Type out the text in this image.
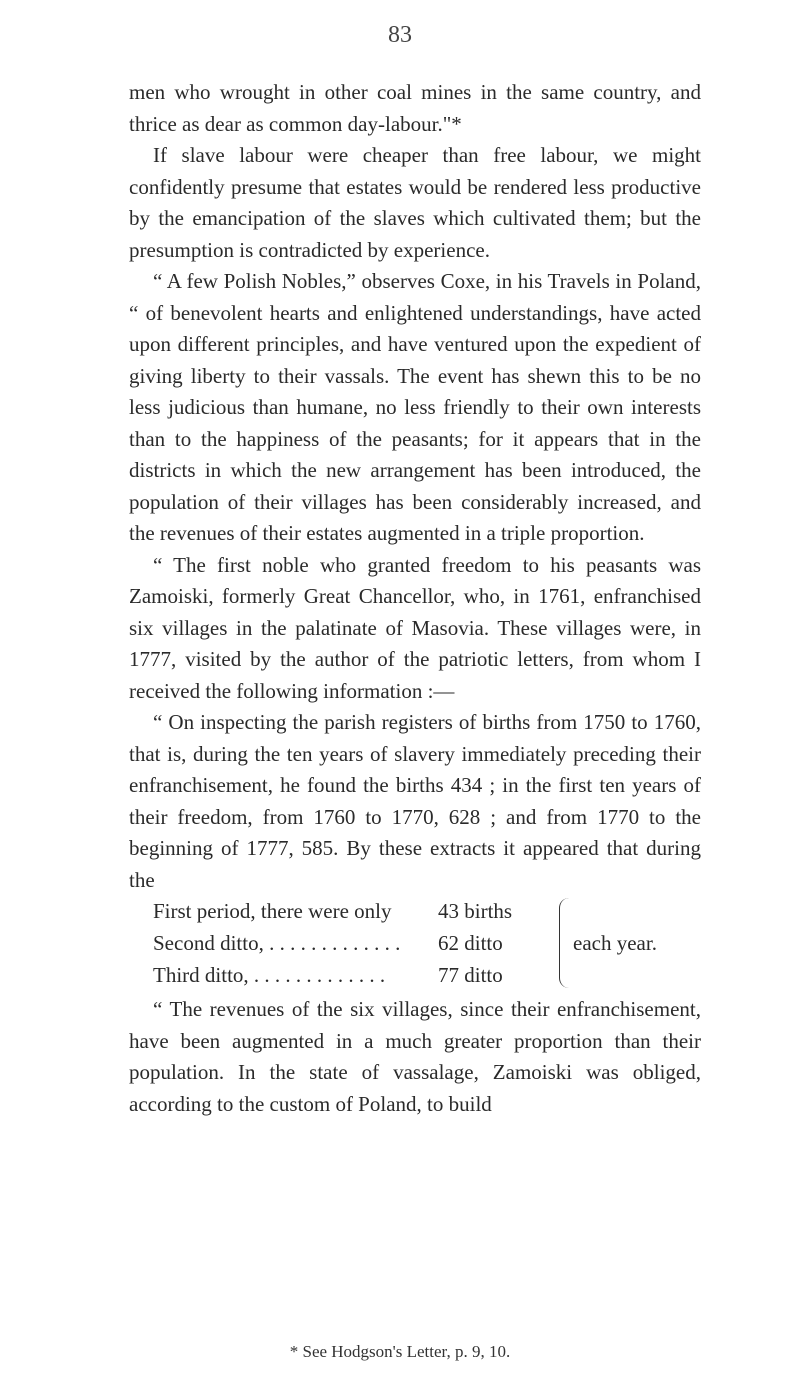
83

men who wrought in other coal mines in the same country, and thrice as dear as common day-labour."*

If slave labour were cheaper than free labour, we might confidently presume that estates would be rendered less productive by the emancipation of the slaves which cultivated them; but the presumption is contradicted by experience.

“ A few Polish Nobles,” observes Coxe, in his Travels in Poland, “ of benevolent hearts and enlightened understandings, have acted upon different principles, and have ventured upon the expedient of giving liberty to their vassals. The event has shewn this to be no less judicious than humane, no less friendly to their own interests than to the happiness of the peasants; for it appears that in the districts in which the new arrangement has been introduced, the population of their villages has been considerably increased, and the revenues of their estates augmented in a triple proportion.

“ The first noble who granted freedom to his peasants was Zamoiski, formerly Great Chancellor, who, in 1761, enfranchised six villages in the palatinate of Masovia. These villages were, in 1777, visited by the author of the patriotic letters, from whom I received the following information :—

“ On inspecting the parish registers of births from 1750 to 1760, that is, during the ten years of slavery immediately preceding their enfranchisement, he found the births 434 ; in the first ten years of their freedom, from 1760 to 1770, 628 ; and from 1770 to the beginning of 1777, 585. By these extracts it appeared that during the

First period, there were only 43 births
Second ditto, . . . . . . . . . . . . . 62 ditto
Third ditto, . . . . . . . . . . . . .	77 ditto
each year.

“ The revenues of the six villages, since their enfranchisement, have been augmented in a much greater proportion than their population. In the state of vassalage, Zamoiski was obliged, according to the custom of Poland, to build

* See Hodgson's Letter, p. 9, 10.
